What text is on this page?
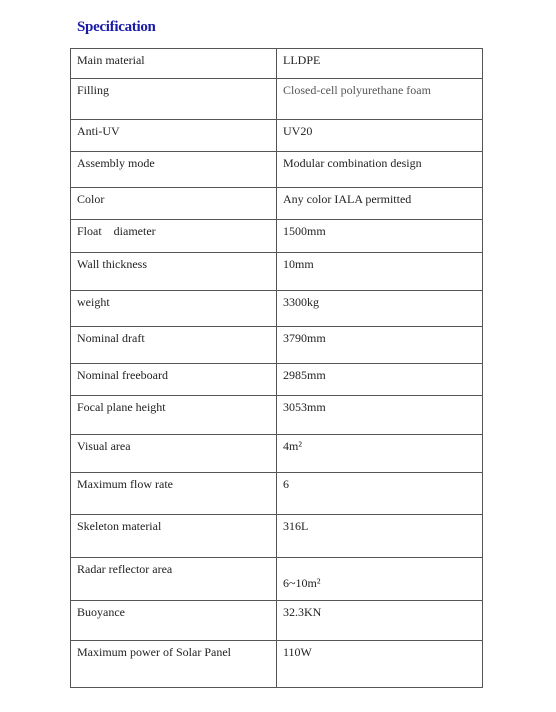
Specification
Main material	LLDPE
Filling	Closed-cell polyurethane foam
Anti-UV	UV20
Assembly mode	Modular combination design
Color	Any color IALA permitted
Float    diameter	1500mm
Wall thickness	10mm
weight	3300kg
Nominal draft	3790mm
Nominal freeboard	2985mm
Focal plane height	3053mm
Visual area	4m²
Maximum flow rate	6
Skeleton material	316L
Radar reflector area	6~10m²

Buoyance	32.3KN
Maximum power of Solar Panel	110W
